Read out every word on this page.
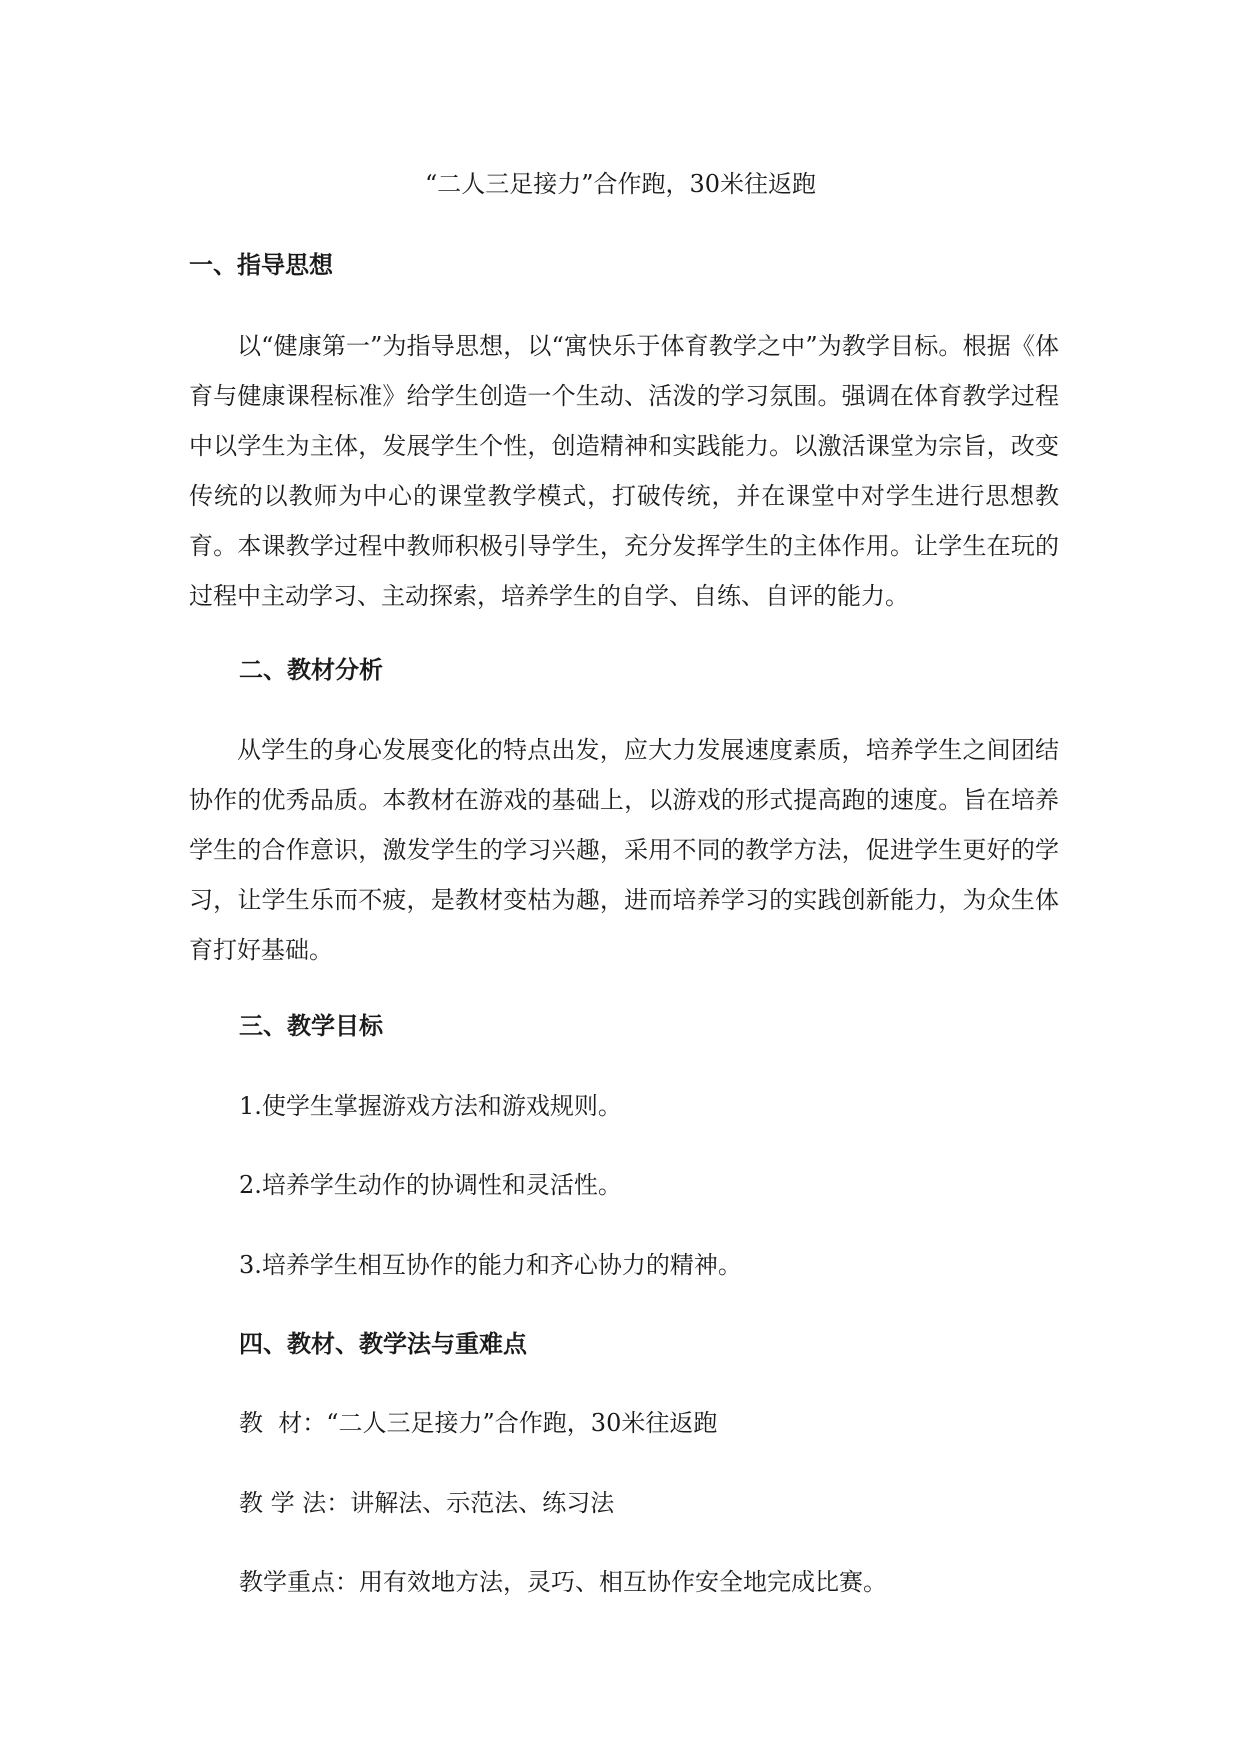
“二人三足接力”合作跑，30米往返跑
一、指导思想

以“健康第一”为指导思想，以“寓快乐于体育教学之中”为教学目标。根据《体育与健康课程标准》给学生创造一个生动、活泼的学习氛围。强调在体育教学过程中以学生为主体，发展学生个性，创造精神和实践能力。以激活课堂为宗旨，改变传统的以教师为中心的课堂教学模式，打破传统，并在课堂中对学生进行思想教育。本课教学过程中教师积极引导学生，充分发挥学生的主体作用。让学生在玩的过程中主动学习、主动探索，培养学生的自学、自练、自评的能力。

二、教材分析

从学生的身心发展变化的特点出发，应大力发展速度素质，培养学生之间团结协作的优秀品质。本教材在游戏的基础上，以游戏的形式提高跑的速度。旨在培养学生的合作意识，激发学生的学习兴趣，采用不同的教学方法，促进学生更好的学习，让学生乐而不疲，是教材变枯为趣，进而培养学习的实践创新能力，为众生体育打好基础。

三、教学目标

1.使学生掌握游戏方法和游戏规则。

2.培养学生动作的协调性和灵活性。

3.培养学生相互协作的能力和齐心协力的精神。

四、教材、教学法与重难点

教  材：“二人三足接力”合作跑，30米往返跑

教 学 法：讲解法、示范法、练习法

教学重点：用有效地方法，灵巧、相互协作安全地完成比赛。
